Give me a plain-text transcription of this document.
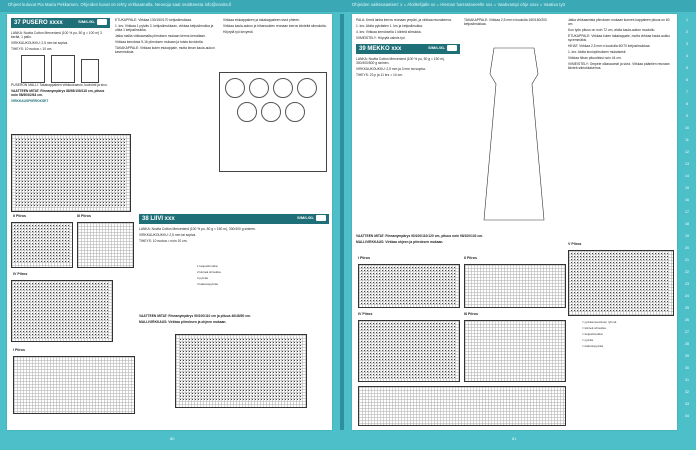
Ohjeet kuluvat Pia Maria Pekkarsen. Ohjeiden kuvat on tehty virkkaamalla. Neuvoja saat osoitteesta info@novita.fi	Ohjeiden vaikeusasteet: x = Aloittelijalle xx = Hieman harrastaneelle xxx = Vaativampi ohje xxxx = Vaativa työ
37 PUSERO xxxx	S/M/L/XL

LANKA: Novita Cotton Mercerized (100 % pu, 50 g = 100 m) 3 kerää, 1 pallo.

VIRKKUUKOUKKU: 2,5 mm tai sopiva.

TIHEYS: 10 ruutua = 10 cm.

PUSERON MALLI: Takakappaleen virkkuukaavio, kuviointi ja sivu.

VAATTEEN MITAT: Rinnanympärys 88/98/108/118 cm, pituus noin 58/60/62/64 cm.

VIRKKAUSPIIRROKSET

II Piiros	III Piiros
IV Piiros

ETUKAPPALE: Virkkaa 130/150/170 ketjusilmukkaa.

1. krs: Virkkaa 1 pylväs 3. ketjusilmukkaan, virkkaa ketjusilmukka ja ohita 1 ketjusilmukka.

Jatka mallia virkkaamalla piirroksen mukaan kerros kerrallaan.

Virkkaa kerroksia 9-16 piirroksen mukaan ja toista kuviointia.

TAKAKAPPALE: Virkkaa kuten etukappale, mutta ilman kaula-aukon kavennuksia.

38 LIIVI xxx	S/M/L/XL

LANKA: Novita Cotton Mercerized (100 % pu, 50 g = 150 m), 300/400 g sininen.

VIRKKUUKOUKKU: 2,5 mm tai sopiva.

TIHEYS: 10 ruutua = noin 10 cm.

Virkkaa etukappaleen ja takakappaleen sivut yhteen.

Virkkaa kaula-aukon ja hihansuiden reunaan kerros kiinteitä silmukoita.

Höyrytä työ kevyesti.

1 ketjusilmukka
2 kiinteä silmukka
3 pylväs
4 kaksoispylväs
I Piiros

VAATTEEN MITAT: Rinnanympärys 90/100/110 cm ja pituus 46/48/50 cm.

MALLIVIRKKAUS: Virkkaa piirroksen ja ohjeen mukaan.

PALA: Kerrä lanka kerros reunaan ympäri, ja virkkaa reunakerros.

1. krs: Aloita pylvästen 1. krs ja ketjusilmukka.

4. krs: Virkkaa kerroksella 1 kiinteä silmukka.

VIIMEISTELY: Höyrytä valmis työ.

39 MEKKO xxx	S/M/L/XL

LANKA: Novita Cotton Mercerized (100 % pu, 50 g = 150 m), 300/400/500 g sininen.

VIRKKUUKOUKKU: 2,5 mm ja 3 mm tai sopiva.

TIHEYS: 23 p ja 11 krs = 10 cm.

TAKAKAPPALE: Virkkaa 2,5 mm:n koukulla 160/180/200 ketjusilmukkaa.

Jatka virkkaamista piirroksen mukaan kunnes kappaleen pituus on 60 cm.

Kun työn pituus on noin 72 cm, aloita kaula-aukon muotoilu.

ETUKAPPALE: Virkkaa kuten takakappale, mutta virkkaa kaula-aukko syvemmäksi.

HIHAT: Virkkaa 2,5 mm:n koukulla 60/70 ketjusilmukkaa.

1. krs: Aloita kuviopiirroksen mukaisesti.

Virkkaa hihan pituudeksi noin 44 cm.

VIIMEISTELY: Ompele olkasaumat ja sivut. Virkkaa pääntien reunaan kiinteä silmukkakerros.

VAATTEEN MITAT: Rinnanympärys 90/100/110/120 cm, pituus noin 98/100/102 cm.

MALLIVIRKKAUS: Virkkaa ohjeen ja piirroksen mukaan.

I Piiros	II Piiros
IV Piiros	III Piiros
V Piiros
= pylväsmuotoinen ryhmä
= kiinteä silmukka
= ketjusilmukka
= pylväs
= kaksoispylväs
80	81
1
2
3
4
5
6
7
8
9
10
11
12
13
14
15
16
17
18
19
20
21
22
23
24
25
26
27
28
29
30
31
32
33
34
